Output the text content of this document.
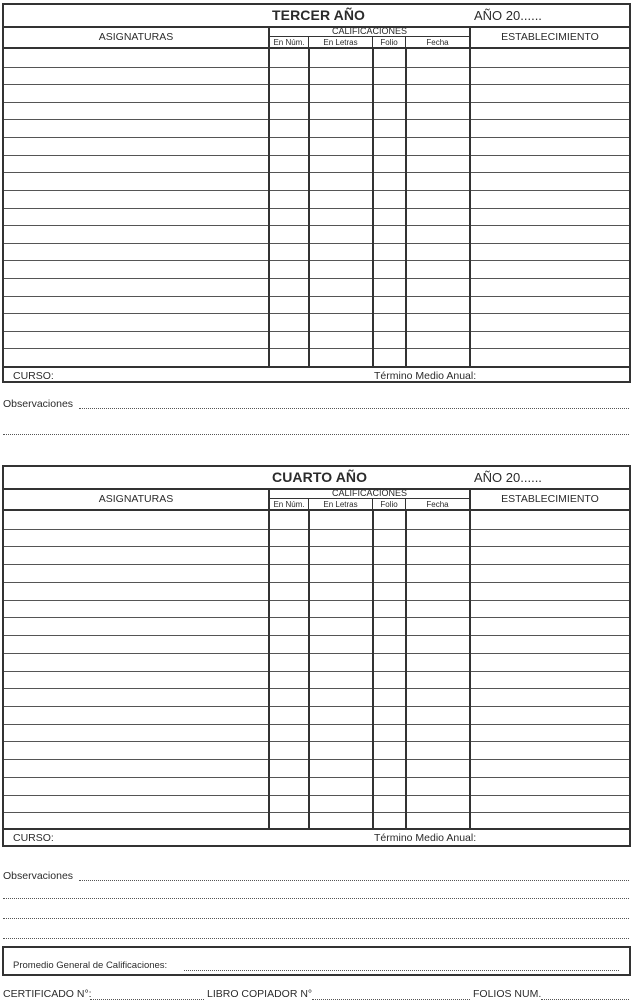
TERCER AÑO	AÑO 20......
ASIGNATURAS	CALIFICACIONES
En Núm.	En Letras	Folio	Fecha	ESTABLECIMIENTO
CURSO:	Término Medio Anual:
Observaciones
CUARTO AÑO	AÑO 20......
ASIGNATURAS	CALIFICACIONES
En Núm.	En Letras	Folio	Fecha	ESTABLECIMIENTO
CURSO:	Término Medio Anual:
Observaciones
Promedio General de Calificaciones:
CERTIFICADO N°:	LIBRO COPIADOR N°	FOLIOS NUM.
